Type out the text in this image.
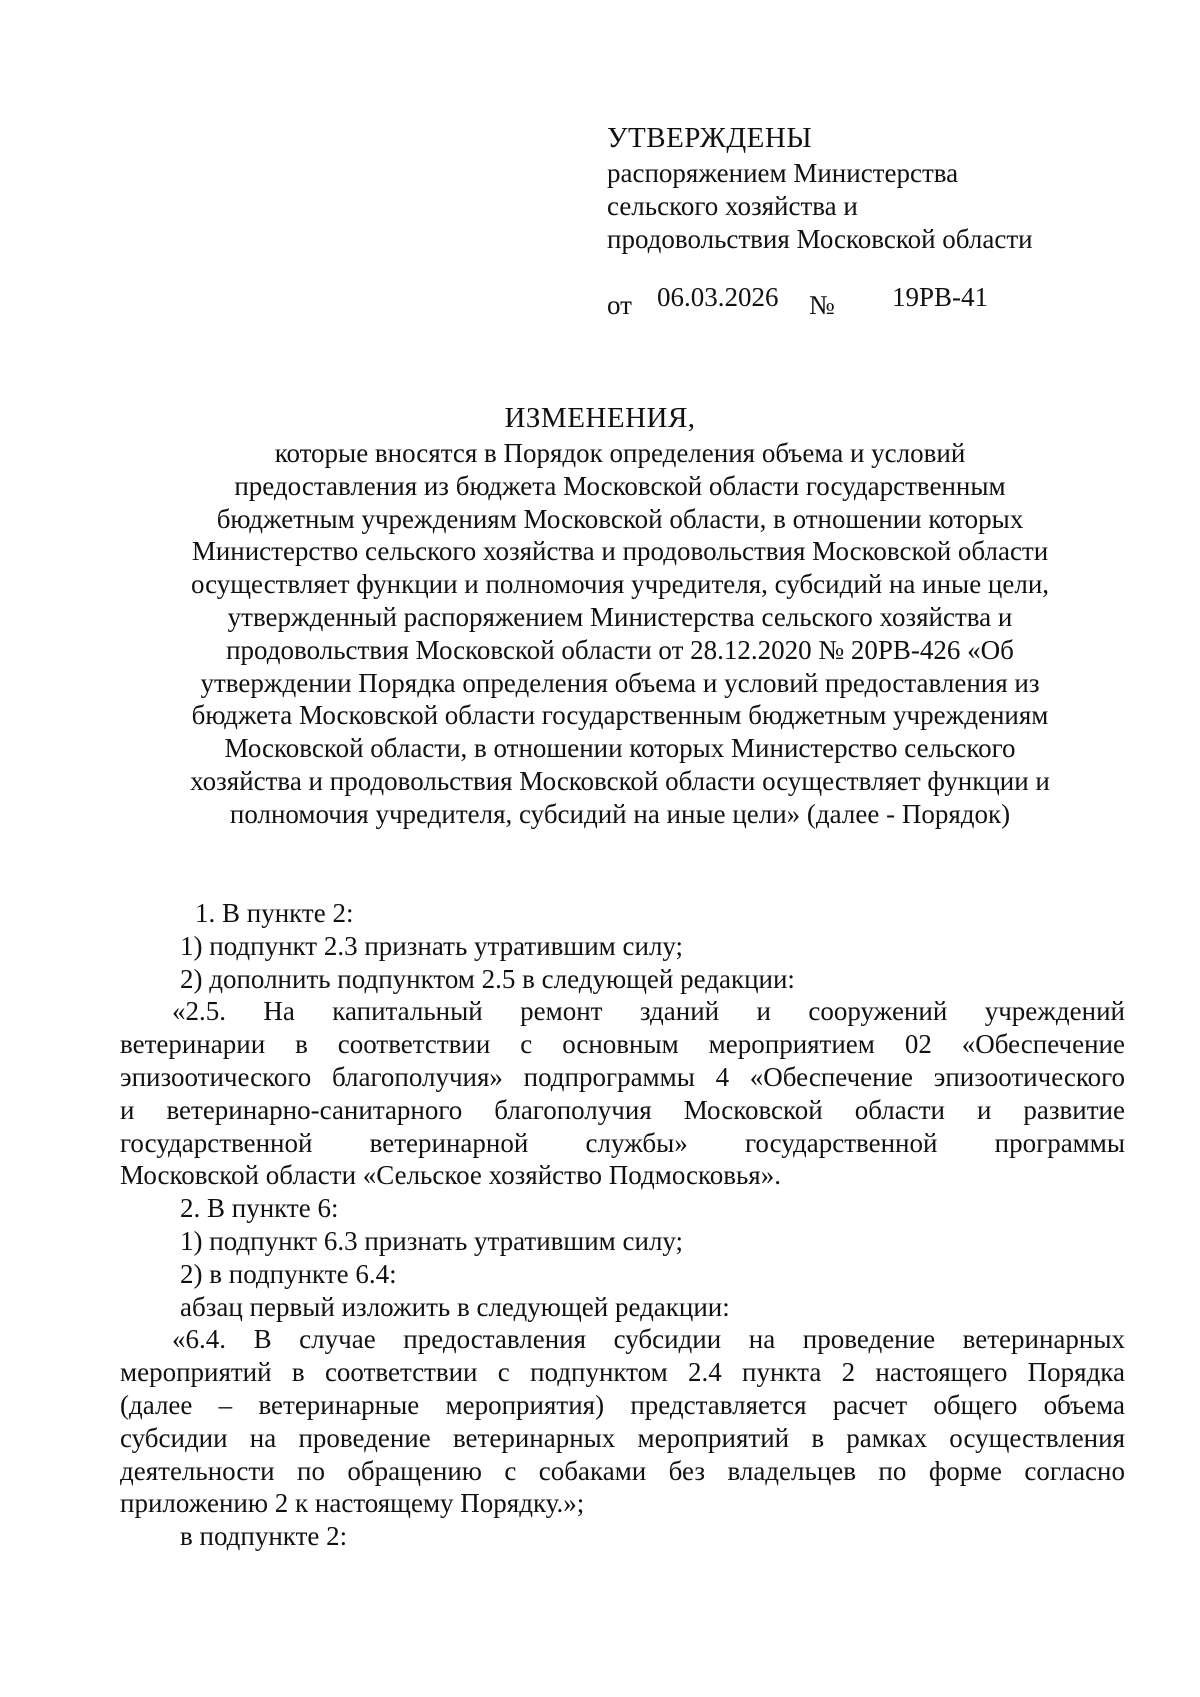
УТВЕРЖДЕНЫ
распоряжением Министерства
сельского хозяйства и
продовольствия Московской области
от 06.03.2026 № 19РВ-41
ИЗМЕНЕНИЯ,
которые вносятся в Порядок определения объема и условий
предоставления из бюджета Московской области государственным
бюджетным учреждениям Московской области, в отношении которых
Министерство сельского хозяйства и продовольствия Московской области
осуществляет функции и полномочия учредителя, субсидий на иные цели,
утвержденный распоряжением Министерства сельского хозяйства и
продовольствия Московской области от 28.12.2020 № 20РВ-426 «Об
утверждении Порядка определения объема и условий предоставления из
бюджета Московской области государственным бюджетным учреждениям
Московской области, в отношении которых Министерство сельского
хозяйства и продовольствия Московской области осуществляет функции и
полномочия учредителя, субсидий на иные цели» (далее - Порядок)

1. В пункте 2:

1) подпункт 2.3 признать утратившим силу;

2) дополнить подпунктом 2.5 в следующей редакции:

«2.5. На капитальный ремонт зданий и сооружений учреждений
ветеринарии в соответствии с основным мероприятием 02 «Обеспечение
эпизоотического благополучия» подпрограммы 4 «Обеспечение эпизоотического
и ветеринарно-санитарного благополучия Московской области и развитие
государственной ветеринарной службы» государственной программы
Московской области «Сельское хозяйство Подмосковья».

2. В пункте 6:

1) подпункт 6.3 признать утратившим силу;

2) в подпункте 6.4:

абзац первый изложить в следующей редакции:

«6.4. В случае предоставления субсидии на проведение ветеринарных
мероприятий в соответствии с подпунктом 2.4 пункта 2 настоящего Порядка
(далее – ветеринарные мероприятия) представляется расчет общего объема
субсидии на проведение ветеринарных мероприятий в рамках осуществления
деятельности по обращению с собаками без владельцев по форме согласно
приложению 2 к настоящему Порядку.»;

в подпункте 2:
